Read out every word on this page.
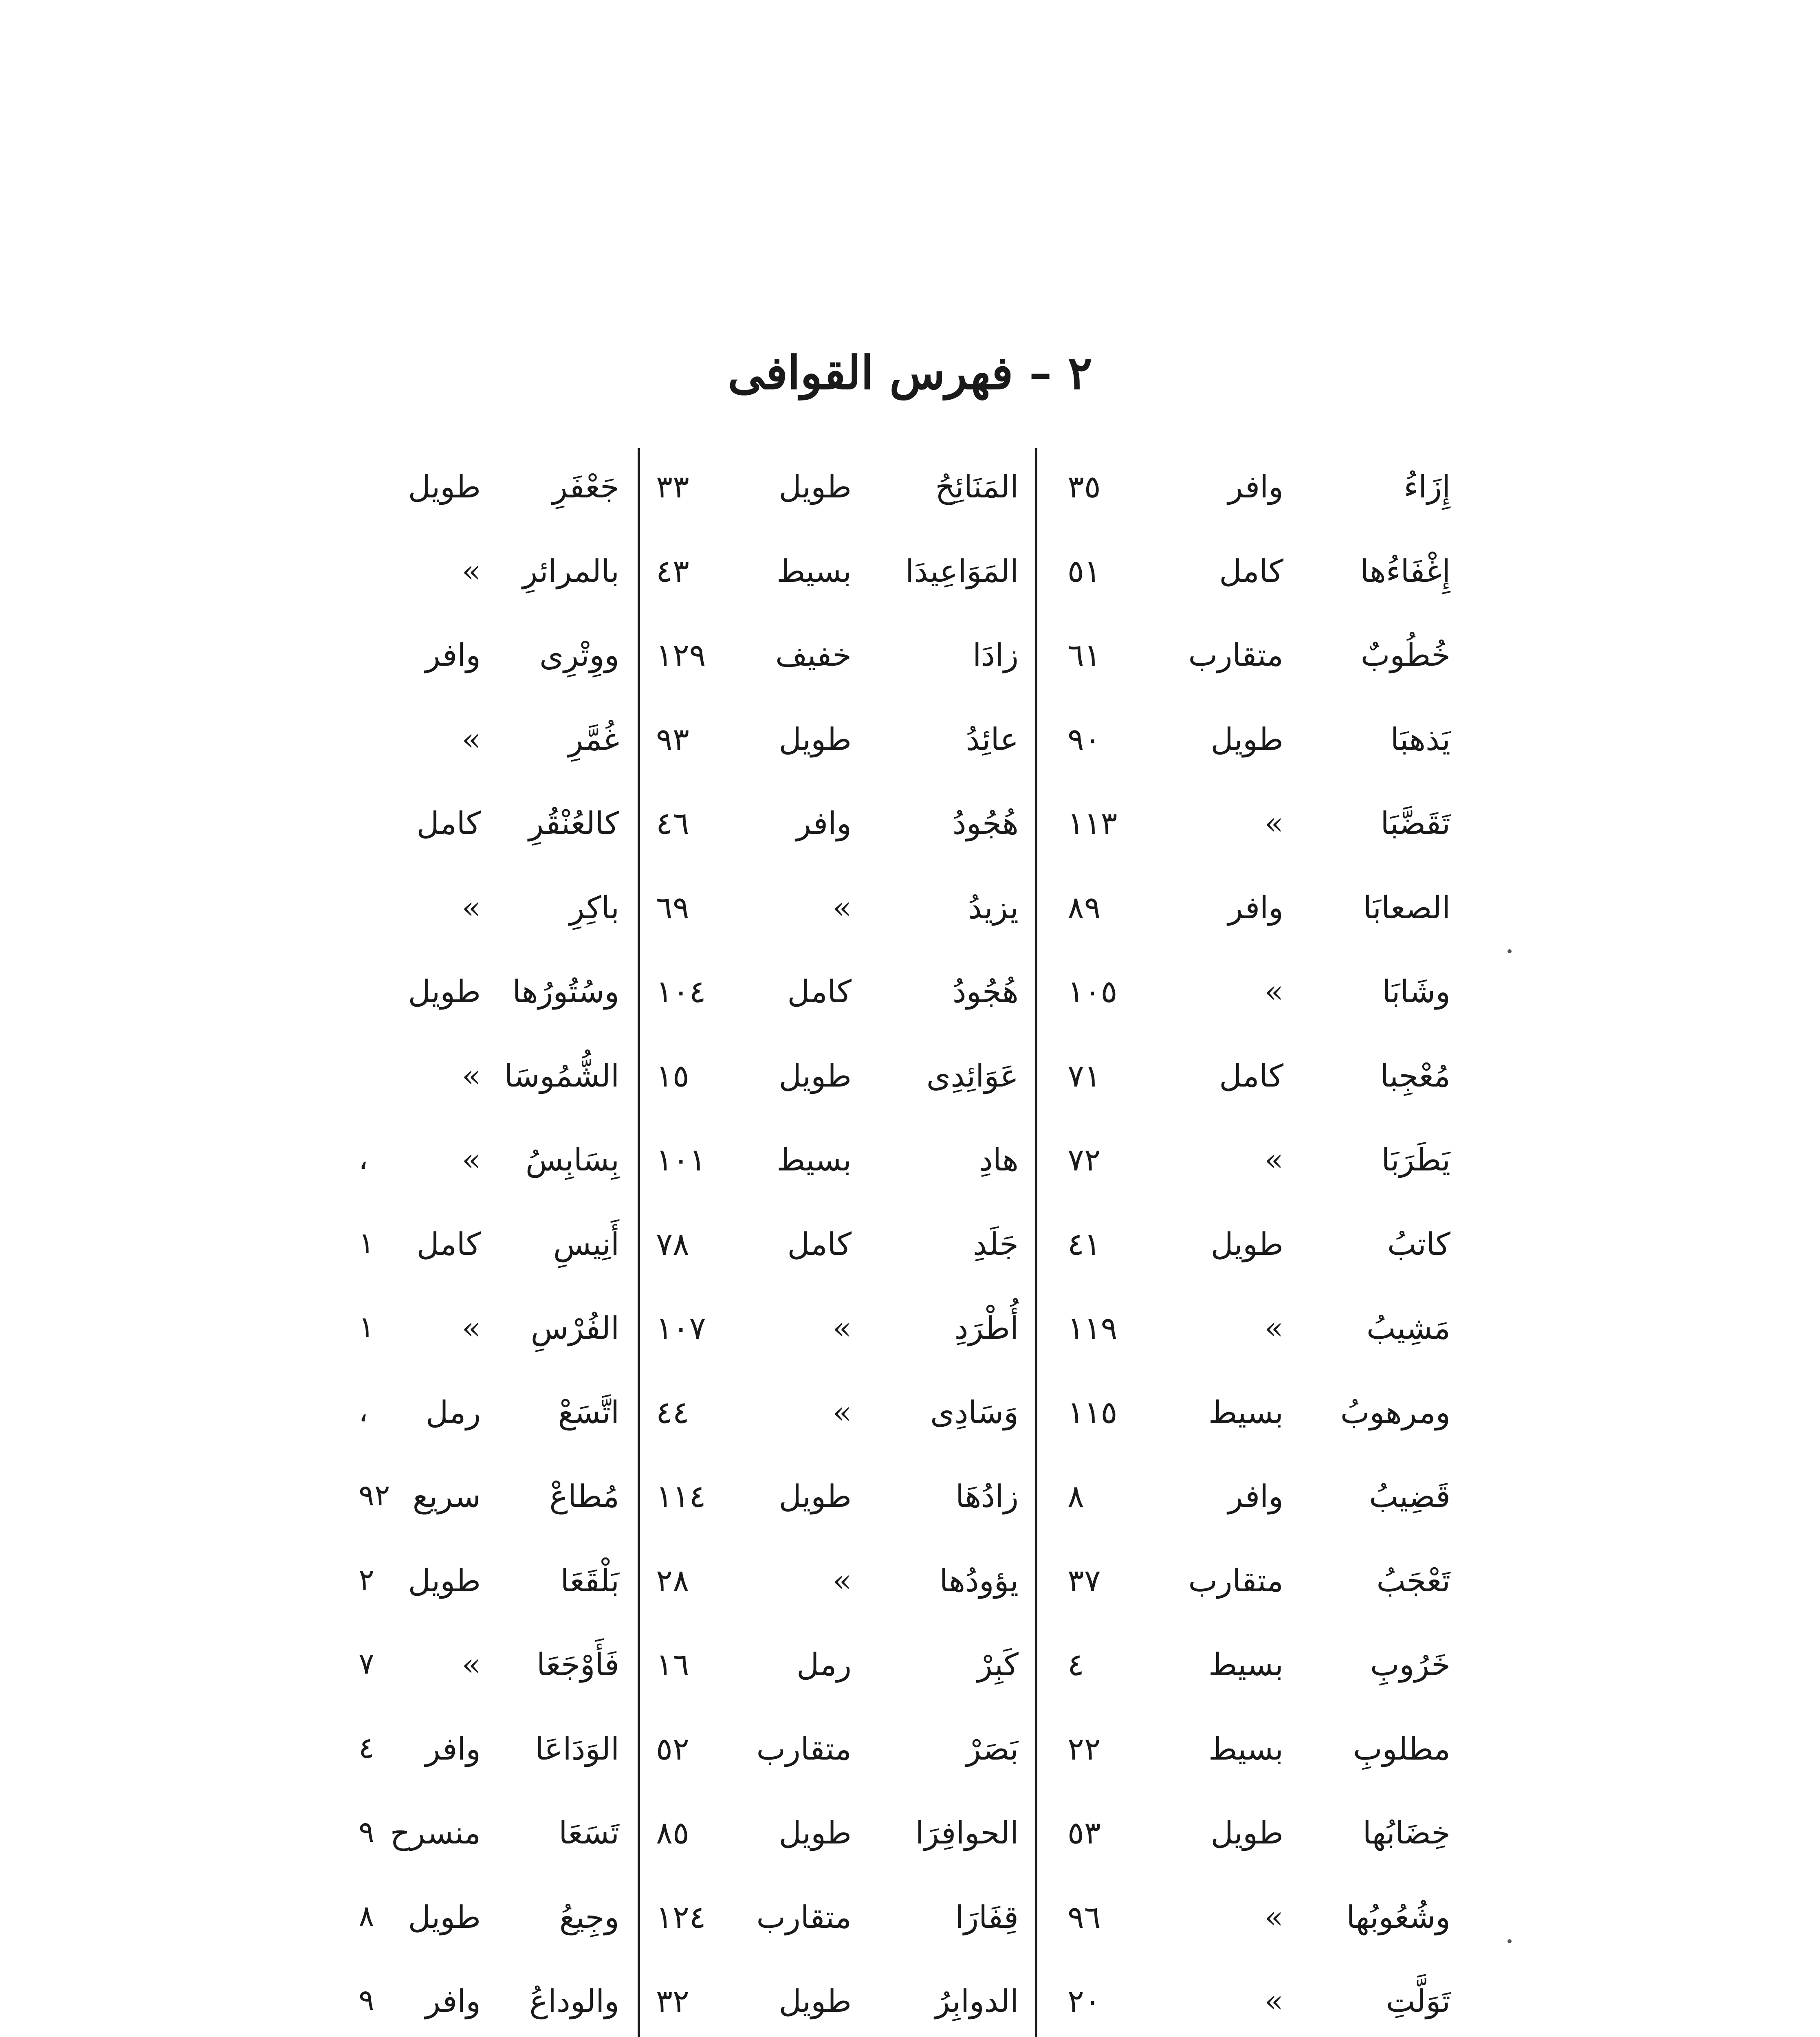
٢ – فهرس القوافى
إِزَاءُ
وافر
٣٥
إِغْفَاءُها
كامل
٥١
خُطُوبٌ
متقارب
٦١
يَذهبَا
طويل
٩٠
تَقَضَّبَا
»
١١٣
الصعابَا
وافر
٨٩
وشَابَا
»
١٠٥
مُعْجِبا
كامل
٧١
يَطَرَبَا
»
٧٢
كاتبُ
طويل
٤١
مَشِيبُ
»
١١٩
ومرهوبُ
بسيط
١١٥
قَضِيبُ
وافر
٨
تَعْجَبُ
متقارب
٣٧
خَرُوبِ
بسيط
٤
مطلوبِ
بسيط
٢٢
خِضَابُها
طويل
٥٣
وشُعُوبُها
»
٩٦
تَوَلَّتِ
»
٢٠
المَنَائِحُ
طويل
٣٣
المَوَاعِيدَا
بسيط
٤٣
زادَا
خفيف
١٢٩
عائِدُ
طويل
٩٣
هُجُودُ
وافر
٤٦
يزيدُ
»
٦٩
هُجُودُ
كامل
١٠٤
عَوَائِدِى
طويل
١٥
هادِ
بسيط
١٠١
جَلَدِ
كامل
٧٨
أُطْرَدِ
»
١٠٧
وَسَادِى
»
٤٤
زادُهَا
طويل
١١٤
يؤودُها
»
٢٨
كَبِرْ
رمل
١٦
بَصَرْ
متقارب
٥٢
الحوافِرَا
طويل
٨٥
قِفَارَا
متقارب
١٢٤
الدوابِرُ
طويل
٣٢
جَعْفَرِ
طويل
بالمرائرِ
»
ووِتْرِى
وافر
غُمَّرِ
»
كالعُنْقُرِ
كامل
باكِرِ
»
وسُتُورُها
طويل
الشُّمُوسَا
»
بِسَابِسُ
»
أَنِيسِ
كامل
الفُرْسِ
»
اتَّسَعْ
رمل
مُطاعْ
سريع
بَلْقَعَا
طويل
فَأَوْجَعَا
»
الوَدَاعَا
وافر
تَسَعَا
منسرح
وجِيعُ
طويل
والوداعُ
وافر
،
١
١
،
٩٢
٢
٧
٤
٩
٨
٩
